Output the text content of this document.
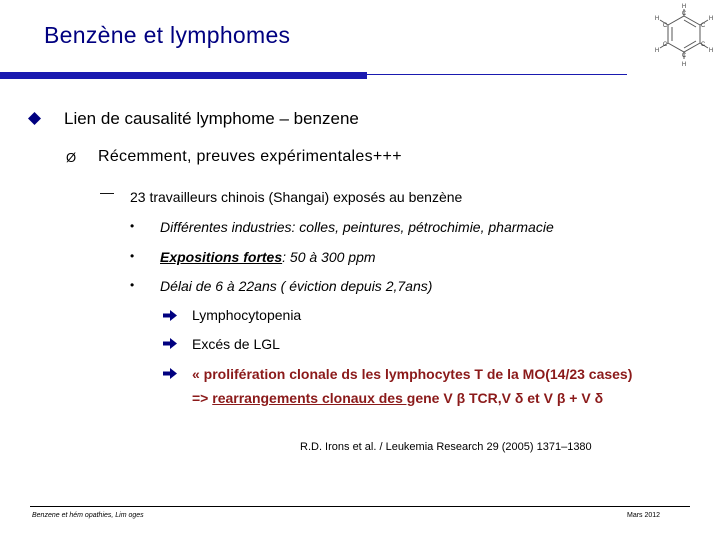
Benzène et lymphomes
H
H
H
H
H
H
C
C
C
C
C
C
Lien de causalité lymphome – benzene
Ø Récemment, preuves expérimentales+++
— 23 travailleurs chinois (Shangai) exposés au benzène
• Différentes industries: colles, peintures, pétrochimie, pharmacie
• Expositions fortes: 50 à 300 ppm
• Délai de 6 à 22ans ( éviction depuis 2,7ans)
Lymphocytopenia
Excés de LGL
« prolifération clonale ds les lymphocytes T de la MO(14/23 cases)
=> rearrangements clonaux des gene V β TCR,V δ et V β + V δ
R.D. Irons et al. / Leukemia Research 29 (2005) 1371–1380
Benzene et hém opathies, Lim oges	Mars 2012
